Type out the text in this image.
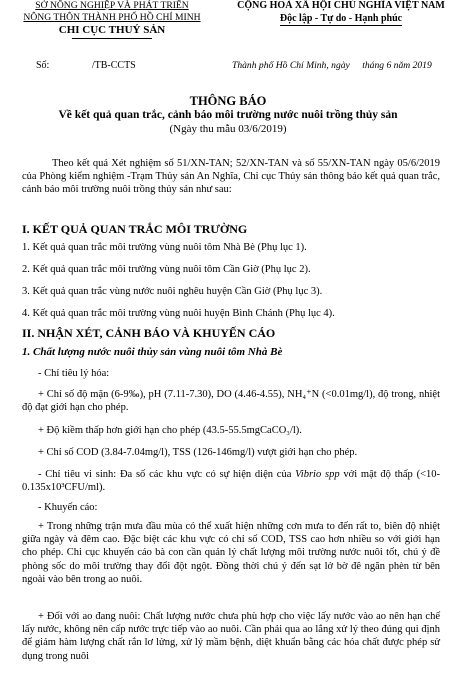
SỞ NÔNG NGHIỆP VÀ PHÁT TRIỂN
NÔNG THÔN THÀNH PHỐ HỒ CHÍ MINH
CHI CỤC THUỶ SẢN
CỘNG HOÀ XÃ HỘI CHỦ NGHĨA VIỆT NAM
Độc lập - Tự do - Hạnh phúc
Số:	/TB-CCTS	Thành phố Hồ Chí Minh, ngày tháng 6 năm 2019
THÔNG BÁO
Về kết quả quan trắc, cảnh báo môi trường nước nuôi trồng thủy sản
(Ngày thu mẫu 03/6/2019)

Theo kết quả Xét nghiệm số 51/XN-TAN; 52/XN-TAN và số 55/XN-TAN ngày 05/6/2019 của Phòng kiểm nghiệm -Trạm Thủy sản An Nghĩa, Chi cục Thủy sản thông báo kết quả quan trắc, cảnh báo môi trường nuôi trồng thủy sản như sau:

I. KẾT QUẢ QUAN TRẮC MÔI TRƯỜNG
1. Kết quả quan trắc môi trường vùng nuôi tôm Nhà Bè (Phụ lục 1).
2. Kết quả quan trắc môi trường vùng nuôi tôm Cần Giờ (Phụ lục 2).
3. Kết quả quan trắc vùng nước nuôi nghêu huyện Cần Giờ (Phụ lục 3).
4. Kết quả quan trắc môi trường vùng nuôi huyện Bình Chánh (Phụ lục 4).
II. NHẬN XÉT, CẢNH BÁO VÀ KHUYẾN CÁO
1. Chất lượng nước nuôi thủy sản vùng nuôi tôm Nhà Bè
- Chỉ tiêu lý hóa:
+ Chỉ số độ mặn (6-9‰), pH (7.11-7.30), DO (4.46-4.55), NH₄⁺N (<0.01mg/l), độ trong, nhiệt độ đạt giới hạn cho phép.
+ Độ kiềm thấp hơn giới hạn cho phép (43.5-55.5mgCaCO₃/l).
+ Chỉ số COD (3.84-7.04mg/l), TSS (126-146mg/l) vượt giới hạn cho phép.
- Chỉ tiêu vi sinh: Đa số các khu vực có sự hiện diện của Vibrio spp với mật độ thấp (<10-0.135x10³CFU/ml).
- Khuyến cáo:
+ Trong những trận mưa đầu mùa có thể xuất hiện những cơn mưa to đến rất to, biên độ nhiệt giữa ngày và đêm cao. Đặc biệt các khu vực có chỉ số COD, TSS cao hơn nhiều so với giới hạn cho phép. Chi cục khuyến cáo bà con cần quản lý chất lượng môi trường nước nuôi tốt, chú ý đề phòng sốc do môi trường thay đổi đột ngột. Đồng thời chú ý đến sạt lở bờ đê ngăn phèn từ bên ngoài vào bên trong ao nuôi.
+ Đối với ao đang nuôi: Chất lượng nước chưa phù hợp cho việc lấy nước vào ao nên hạn chế lấy nước, không nên cấp nước trực tiếp vào ao nuôi. Cần phải qua ao lắng xử lý theo đúng qui định để giảm hàm lượng chất rắn lơ lửng, xử lý mầm bệnh, diệt khuẩn bằng các hóa chất được phép sử dụng trong nuôi
